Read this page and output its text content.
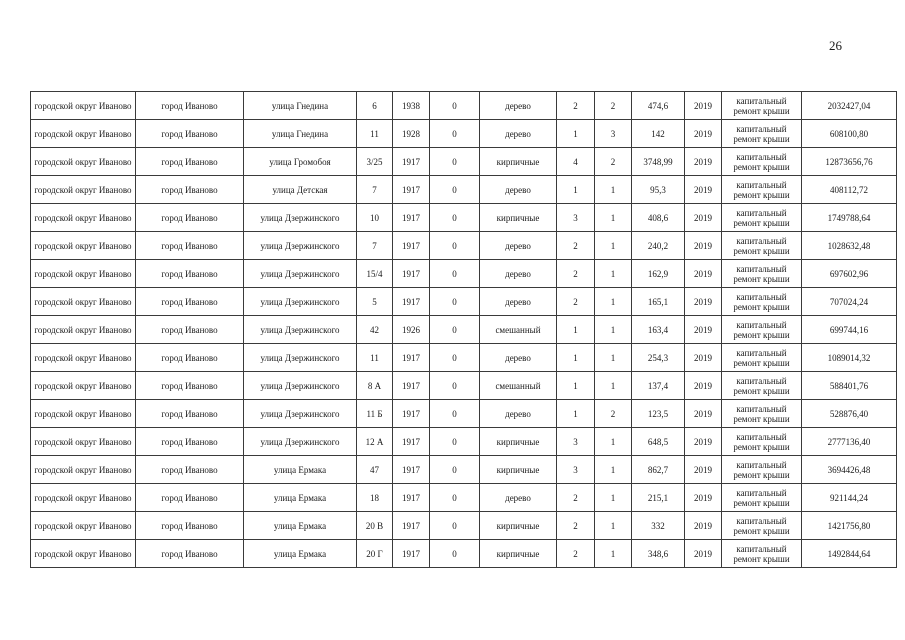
26
городской округ Иваново	город Иваново	улица Гнедина	6	1938	0	дерево	2	2	474,6	2019	капитальный ремонт крыши	2032427,04
городской округ Иваново	город Иваново	улица Гнедина	11	1928	0	дерево	1	3	142	2019	капитальный ремонт крыши	608100,80
городской округ Иваново	город Иваново	улица Громобоя	3/25	1917	0	кирпичные	4	2	3748,99	2019	капитальный ремонт крыши	12873656,76
городской округ Иваново	город Иваново	улица Детская	7	1917	0	дерево	1	1	95,3	2019	капитальный ремонт крыши	408112,72
городской округ Иваново	город Иваново	улица Дзержинского	10	1917	0	кирпичные	3	1	408,6	2019	капитальный ремонт крыши	1749788,64
городской округ Иваново	город Иваново	улица Дзержинского	7	1917	0	дерево	2	1	240,2	2019	капитальный ремонт крыши	1028632,48
городской округ Иваново	город Иваново	улица Дзержинского	15/4	1917	0	дерево	2	1	162,9	2019	капитальный ремонт крыши	697602,96
городской округ Иваново	город Иваново	улица Дзержинского	5	1917	0	дерево	2	1	165,1	2019	капитальный ремонт крыши	707024,24
городской округ Иваново	город Иваново	улица Дзержинского	42	1926	0	смешанный	1	1	163,4	2019	капитальный ремонт крыши	699744,16
городской округ Иваново	город Иваново	улица Дзержинского	11	1917	0	дерево	1	1	254,3	2019	капитальный ремонт крыши	1089014,32
городской округ Иваново	город Иваново	улица Дзержинского	8 А	1917	0	смешанный	1	1	137,4	2019	капитальный ремонт крыши	588401,76
городской округ Иваново	город Иваново	улица Дзержинского	11 Б	1917	0	дерево	1	2	123,5	2019	капитальный ремонт крыши	528876,40
городской округ Иваново	город Иваново	улица Дзержинского	12 А	1917	0	кирпичные	3	1	648,5	2019	капитальный ремонт крыши	2777136,40
городской округ Иваново	город Иваново	улица Ермака	47	1917	0	кирпичные	3	1	862,7	2019	капитальный ремонт крыши	3694426,48
городской округ Иваново	город Иваново	улица Ермака	18	1917	0	дерево	2	1	215,1	2019	капитальный ремонт крыши	921144,24
городской округ Иваново	город Иваново	улица Ермака	20 В	1917	0	кирпичные	2	1	332	2019	капитальный ремонт крыши	1421756,80
городской округ Иваново	город Иваново	улица Ермака	20 Г	1917	0	кирпичные	2	1	348,6	2019	капитальный ремонт крыши	1492844,64
